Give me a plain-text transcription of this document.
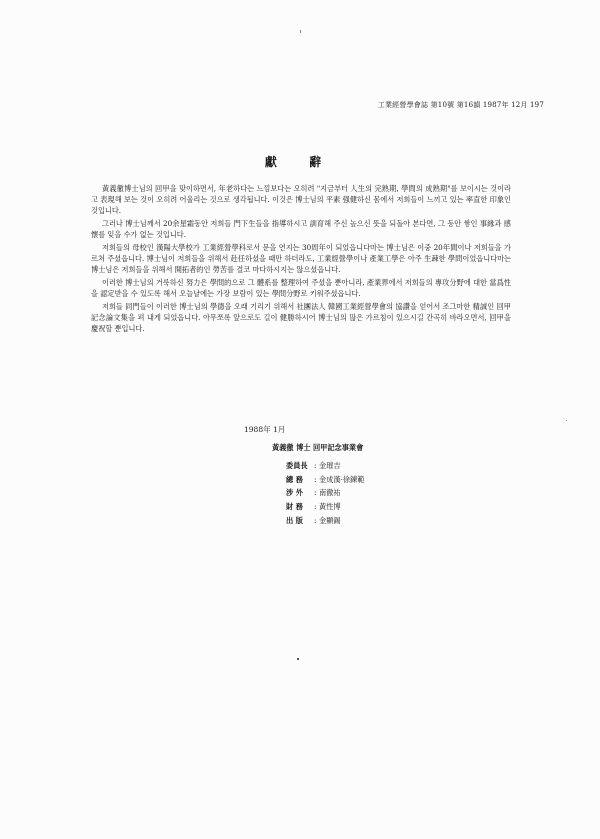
工業經營學會誌 第10號 第16韻 1987年 12月 197
獻 辭

黃義徹博士님의 回甲을 맞이하면서, 年老하다는 느낌보다는 오히려 "지금부터 人生의 完熟期, 學問의 成熟期"를 보이시는 것이라고 表現해 보는 것이 오히려 어울리는 것으로 생각됩니다. 이것은 博士님의 平素 强健하신 몸에서 저희들이 느끼고 있는 率直한 印象인 것입니다.

그러나 博士님께서 20余星霜동안 저희들 門下生들을 指導하시고 訓育해 주신 높으신 뜻을 되돌아 본다면, 그 동안 쌓인 事緣과 感懷를 잊을 수가 없는 것입니다.

저희들의 母校인 漢陽大學校가 工業經營學科로서 문을 연지는 30周年이 되었읍니다마는 博士님은 이중 20年間이나 저희들을 가르쳐 주셨읍니다. 博士님이 저희들을 위해서 赴任하셨을 때만 하더라도, 工業經營學이나 產業工學은 아주 生疎한 學問이었읍니다마는 博士님은 저희들을 위해서 開拓者的인 勞苦를 결코 마다하시지는 않으셨읍니다.

이러한 博士님의 거룩하신 努力은 學問的으로 그 體系를 整理하여 주셨을 뿐아니라, 產業界에서 저희들의 專攻分野에 대한 當爲性을 認定받을 수 있도록 해서 오늘날에는 가장 보람이 있는 學問分野로 키워주셨읍니다.

저희들 同門들이 이러한 博士님의 學德을 오래 기리기 위해서 社團法人 韓國工業經營學會의 協讚을 얻어서 조그마한 精誠인 回甲記念論文集을 펴 내게 되었읍니다. 아무쪼록 앞으로도 길이 健勝하시어 博士님의 많은 가르침이 있으시길 간곡히 바라오면서, 回甲을 慶祝할 뿐입니다.

1988年 1月
黃義徹 博士 回甲記念事業會
委員長 : 金璀吉
總 務 : 金成漢·徐鍊範
涉 外 : 南徹祐
財 務 : 黃性博
出 版 : 金顯錫
